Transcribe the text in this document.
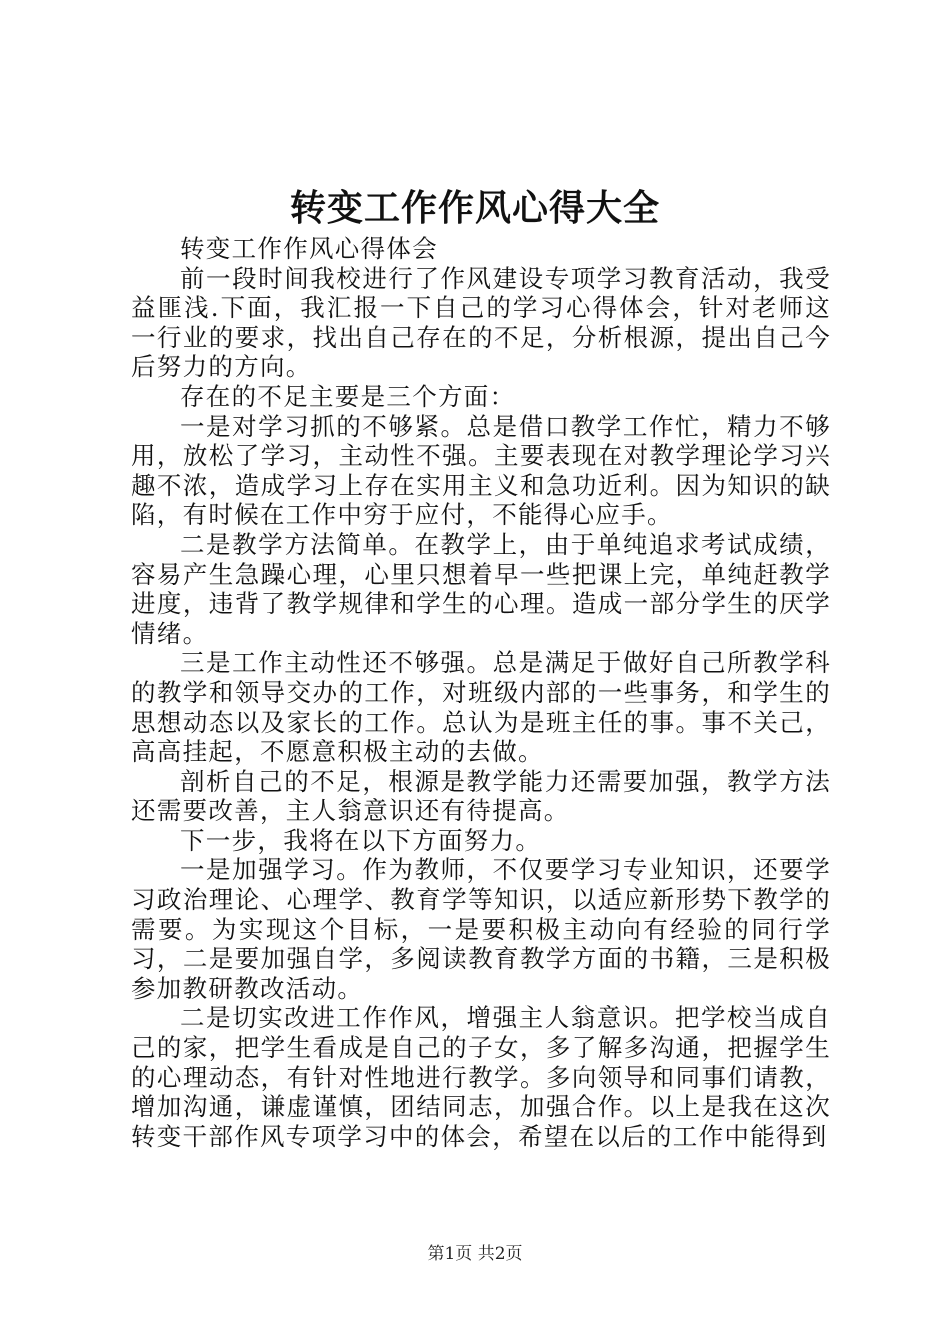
转变工作作风心得大全

转变工作作风心得体会

前一段时间我校进行了作风建设专项学习教育活动，我受益匪浅.下面，我汇报一下自己的学习心得体会，针对老师这一行业的要求，找出自己存在的不足，分析根源，提出自己今后努力的方向。

存在的不足主要是三个方面：

一是对学习抓的不够紧。总是借口教学工作忙，精力不够用，放松了学习，主动性不强。主要表现在对教学理论学习兴趣不浓，造成学习上存在实用主义和急功近利。因为知识的缺陷，有时候在工作中穷于应付，不能得心应手。

二是教学方法简单。在教学上，由于单纯追求考试成绩，容易产生急躁心理，心里只想着早一些把课上完，单纯赶教学进度，违背了教学规律和学生的心理。造成一部分学生的厌学情绪。

三是工作主动性还不够强。总是满足于做好自己所教学科的教学和领导交办的工作，对班级内部的一些事务，和学生的思想动态以及家长的工作。总认为是班主任的事。事不关己，高高挂起，不愿意积极主动的去做。

剖析自己的不足，根源是教学能力还需要加强，教学方法还需要改善，主人翁意识还有待提高。

下一步，我将在以下方面努力。

一是加强学习。作为教师，不仅要学习专业知识，还要学习政治理论、心理学、教育学等知识，以适应新形势下教学的需要。为实现这个目标，一是要积极主动向有经验的同行学习，二是要加强自学，多阅读教育教学方面的书籍，三是积极参加教研教改活动。

二是切实改进工作作风，增强主人翁意识。把学校当成自己的家，把学生看成是自己的子女，多了解多沟通，把握学生的心理动态，有针对性地进行教学。多向领导和同事们请教，增加沟通，谦虚谨慎，团结同志，加强合作。以上是我在这次转变干部作风专项学习中的体会，希望在以后的工作中能得到

第1页 共2页
